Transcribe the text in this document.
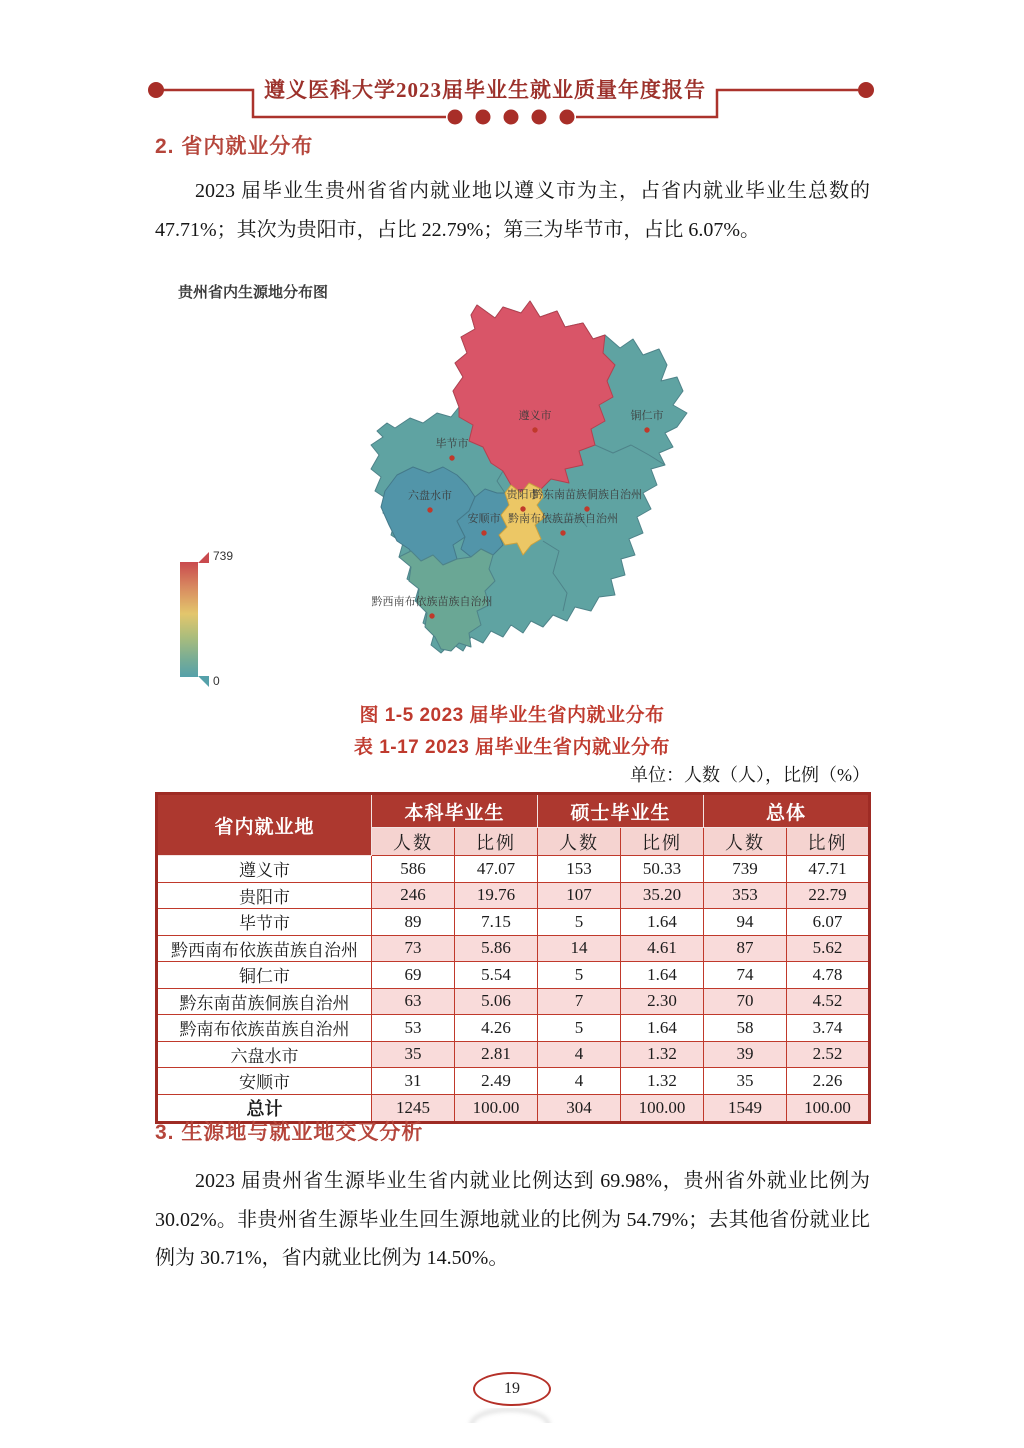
遵义医科大学2023届毕业生就业质量年度报告
2. 省内就业分布
2023 届毕业生贵州省省内就业地以遵义市为主，占省内就业毕业生总数的 47.71%；其次为贵阳市，占比 22.79%；第三为毕节市，占比 6.07%。
贵州省内生源地分布图
遵义市	铜仁市
毕节市
六盘水市	贵阳市
黔东南苗族侗族自治州
安顺市 黔南布依族苗族自治州
黔西南布依族苗族自治州
739
0
图 1-5 2023 届毕业生省内就业分布
表 1-17 2023 届毕业生省内就业分布
单位：人数（人），比例（%）
省内就业地	本科毕业生		硕士毕业生		总体	
	人数	比例	人数	比例	人数	比例
遵义市	586	47.07	153	50.33	739	47.71
贵阳市	246	19.76	107	35.20	353	22.79
毕节市	89	7.15	5	1.64	94	6.07
黔西南布依族苗族自治州	73	5.86	14	4.61	87	5.62
铜仁市	69	5.54	5	1.64	74	4.78
黔东南苗族侗族自治州	63	5.06	7	2.30	70	4.52
黔南布依族苗族自治州	53	4.26	5	1.64	58	3.74
六盘水市	35	2.81	4	1.32	39	2.52
安顺市	31	2.49	4	1.32	35	2.26
总计	1245	100.00	304	100.00	1549	100.00
3. 生源地与就业地交叉分析
2023 届贵州省生源毕业生省内就业比例达到 69.98%，贵州省外就业比例为 30.02%。非贵州省生源毕业生回生源地就业的比例为 54.79%；去其他省份就业比例为 30.71%，省内就业比例为 14.50%。
19
